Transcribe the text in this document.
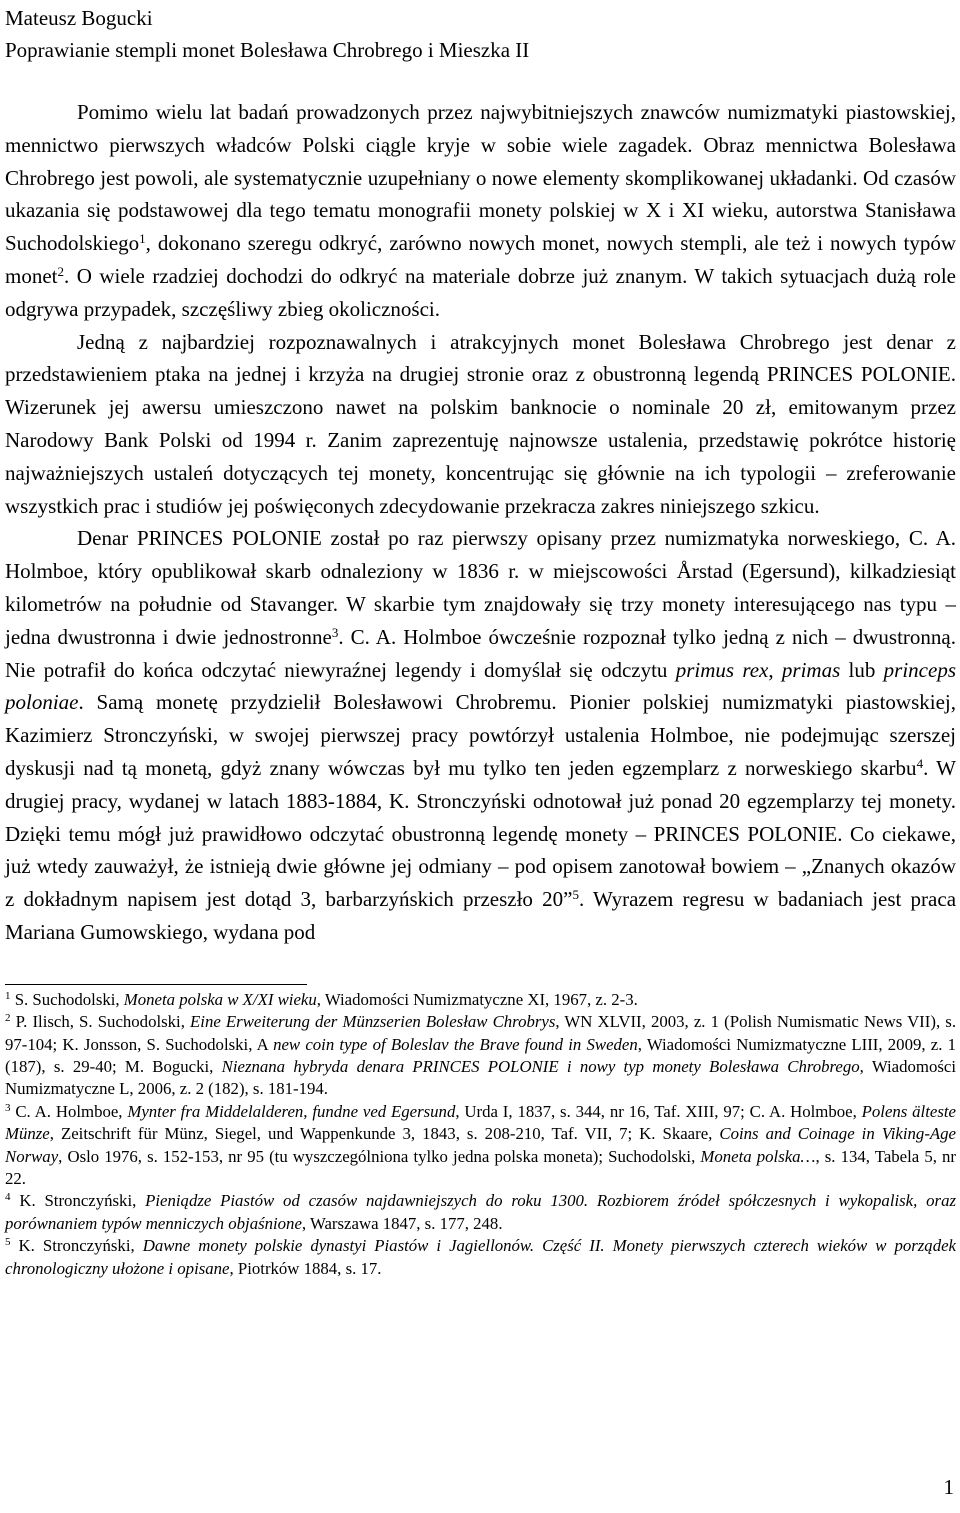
Mateusz Bogucki
Poprawianie stempli monet Bolesława Chrobrego i Mieszka II

Pomimo wielu lat badań prowadzonych przez najwybitniejszych znawców numizmatyki piastowskiej, mennictwo pierwszych władców Polski ciągle kryje w sobie wiele zagadek. Obraz mennictwa Bolesława Chrobrego jest powoli, ale systematycznie uzupełniany o nowe elementy skomplikowanej układanki. Od czasów ukazania się podstawowej dla tego tematu monografii monety polskiej w X i XI wieku, autorstwa Stanisława Suchodolskiego$^1$, dokonano szeregu odkryć, zarówno nowych monet, nowych stempli, ale też i nowych typów monet$^2$. O wiele rzadziej dochodzi do odkryć na materiale dobrze już znanym. W takich sytuacjach dużą role odgrywa przypadek, szczęśliwy zbieg okoliczności.

Jedną z najbardziej rozpoznawalnych i atrakcyjnych monet Bolesława Chrobrego jest denar z przedstawieniem ptaka na jednej i krzyża na drugiej stronie oraz z obustronną legendą PRINCES POLONIE. Wizerunek jej awersu umieszczono nawet na polskim banknocie o nominale 20 zł, emitowanym przez Narodowy Bank Polski od 1994 r. Zanim zaprezentuję najnowsze ustalenia, przedstawię pokrótce historię najważniejszych ustaleń dotyczących tej monety, koncentrując się głównie na ich typologii – zreferowanie wszystkich prac i studiów jej poświęconych zdecydowanie przekracza zakres niniejszego szkicu.

Denar PRINCES POLONIE został po raz pierwszy opisany przez numizmatyka norweskiego, C. A. Holmboe, który opublikował skarb odnaleziony w 1836 r. w miejscowości Årstad (Egersund), kilkadziesiąt kilometrów na południe od Stavanger. W skarbie tym znajdowały się trzy monety interesującego nas typu – jedna dwustronna i dwie jednostronne$^3$. C. A. Holmboe ówcześnie rozpoznał tylko jedną z nich – dwustronną. Nie potrafił do końca odczytać niewyraźnej legendy i domyślał się odczytu primus rex, primas lub princeps poloniae. Samą monetę przydzielił Bolesławowi Chrobremu. Pionier polskiej numizmatyki piastowskiej, Kazimierz Stronczyński, w swojej pierwszej pracy powtórzył ustalenia Holmboe, nie podejmując szerszej dyskusji nad tą monetą, gdyż znany wówczas był mu tylko ten jeden egzemplarz z norweskiego skarbu$^4$. W drugiej pracy, wydanej w latach 1883-1884, K. Stronczyński odnotował już ponad 20 egzemplarzy tej monety. Dzięki temu mógł już prawidłowo odczytać obustronną legendę monety – PRINCES POLONIE. Co ciekawe, już wtedy zauważył, że istnieją dwie główne jej odmiany – pod opisem zanotował bowiem – „Znanych okazów z dokładnym napisem jest dotąd 3, barbarzyńskich przeszło 20”$^5$. Wyrazem regresu w badaniach jest praca Mariana Gumowskiego, wydana pod

$^1$ S. Suchodolski, Moneta polska w X/XI wieku, Wiadomości Numizmatyczne XI, 1967, z. 2-3.

$^2$ P. Ilisch, S. Suchodolski, Eine Erweiterung der Münzserien Bolesław Chrobrys, WN XLVII, 2003, z. 1 (Polish Numismatic News VII), s. 97-104; K. Jonsson, S. Suchodolski, A new coin type of Boleslav the Brave found in Sweden, Wiadomości Numizmatyczne LIII, 2009, z. 1 (187), s. 29-40; M. Bogucki, Nieznana hybryda denara PRINCES POLONIE i nowy typ monety Bolesława Chrobrego, Wiadomości Numizmatyczne L, 2006, z. 2 (182), s. 181-194.

$^3$ C. A. Holmboe, Mynter fra Middelalderen, fundne ved Egersund, Urda I, 1837, s. 344, nr 16, Taf. XIII, 97; C. A. Holmboe, Polens älteste Münze, Zeitschrift für Münz, Siegel, und Wappenkunde 3, 1843, s. 208-210, Taf. VII, 7; K. Skaare, Coins and Coinage in Viking-Age Norway, Oslo 1976, s. 152-153, nr 95 (tu wyszczególniona tylko jedna polska moneta); Suchodolski, Moneta polska…, s. 134, Tabela 5, nr 22.

$^4$ K. Stronczyński, Pieniądze Piastów od czasów najdawniejszych do roku 1300. Rozbiorem źródeł spółczesnych i wykopalisk, oraz porównaniem typów menniczych objaśnione, Warszawa 1847, s. 177, 248.

$^5$ K. Stronczyński, Dawne monety polskie dynastyi Piastów i Jagiellonów. Część II. Monety pierwszych czterech wieków w porządek chronologiczny ułożone i opisane, Piotrków 1884, s. 17.

1
